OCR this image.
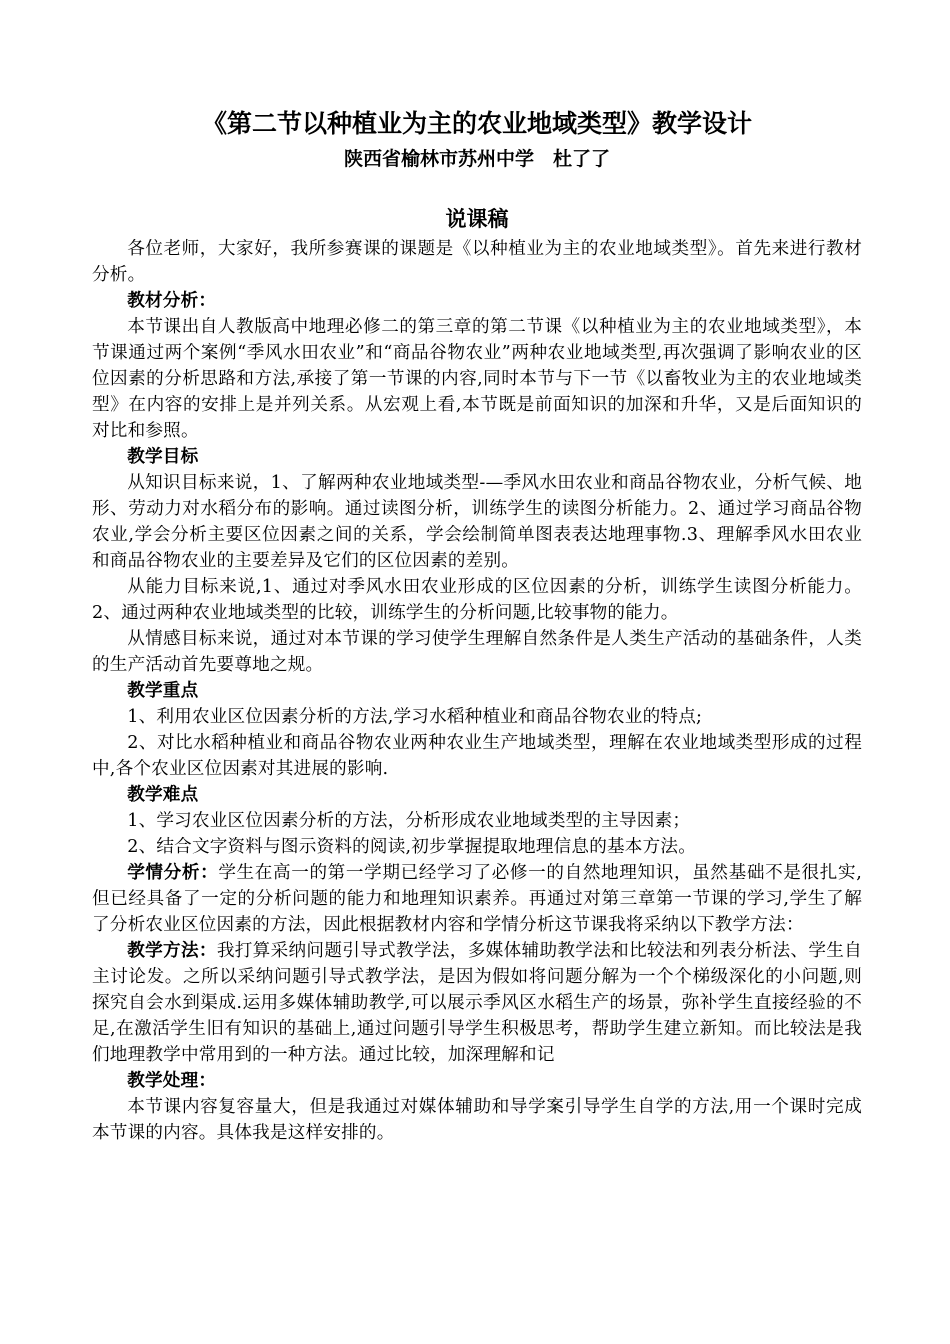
《第二节以种植业为主的农业地域类型》教学设计
陕西省榆林市苏州中学　杜了了
说课稿

各位老师，大家好，我所参赛课的课题是《以种植业为主的农业地域类型》。首先来进行教材分析。

教材分析：

本节课出自人教版高中地理必修二的第三章的第二节课《以种植业为主的农业地域类型》，本节课通过两个案例“季风水田农业”和“商品谷物农业”两种农业地域类型,再次强调了影响农业的区位因素的分析思路和方法,承接了第一节课的内容,同时本节与下一节《以畜牧业为主的农业地域类型》在内容的安排上是并列关系。从宏观上看,本节既是前面知识的加深和升华，又是后面知识的对比和参照。

教学目标

从知识目标来说，1、了解两种农业地域类型-—季风水田农业和商品谷物农业，分析气候、地形、劳动力对水稻分布的影响。通过读图分析，训练学生的读图分析能力。2、通过学习商品谷物农业,学会分析主要区位因素之间的关系，学会绘制简单图表表达地理事物.3、理解季风水田农业和商品谷物农业的主要差异及它们的区位因素的差别。

从能力目标来说,1、通过对季风水田农业形成的区位因素的分析，训练学生读图分析能力。2、通过两种农业地域类型的比较，训练学生的分析问题,比较事物的能力。

从情感目标来说，通过对本节课的学习使学生理解自然条件是人类生产活动的基础条件，人类的生产活动首先要尊地之规。

教学重点

1、利用农业区位因素分析的方法,学习水稻种植业和商品谷物农业的特点;

2、对比水稻种植业和商品谷物农业两种农业生产地域类型，理解在农业地域类型形成的过程中,各个农业区位因素对其进展的影响.

教学难点

1、学习农业区位因素分析的方法，分析形成农业地域类型的主导因素；

2、结合文字资料与图示资料的阅读,初步掌握提取地理信息的基本方法。

学情分析：学生在高一的第一学期已经学习了必修一的自然地理知识，虽然基础不是很扎实,但已经具备了一定的分析问题的能力和地理知识素养。再通过对第三章第一节课的学习,学生了解了分析农业区位因素的方法，因此根据教材内容和学情分析这节课我将采纳以下教学方法：

教学方法：我打算采纳问题引导式教学法，多媒体辅助教学法和比较法和列表分析法、学生自主讨论发。之所以采纳问题引导式教学法，是因为假如将问题分解为一个个梯级深化的小问题,则探究自会水到渠成.运用多媒体辅助教学,可以展示季风区水稻生产的场景，弥补学生直接经验的不足,在激活学生旧有知识的基础上,通过问题引导学生积极思考，帮助学生建立新知。而比较法是我们地理教学中常用到的一种方法。通过比较，加深理解和记

教学处理：

本节课内容复容量大，但是我通过对媒体辅助和导学案引导学生自学的方法,用一个课时完成本节课的内容。具体我是这样安排的。
